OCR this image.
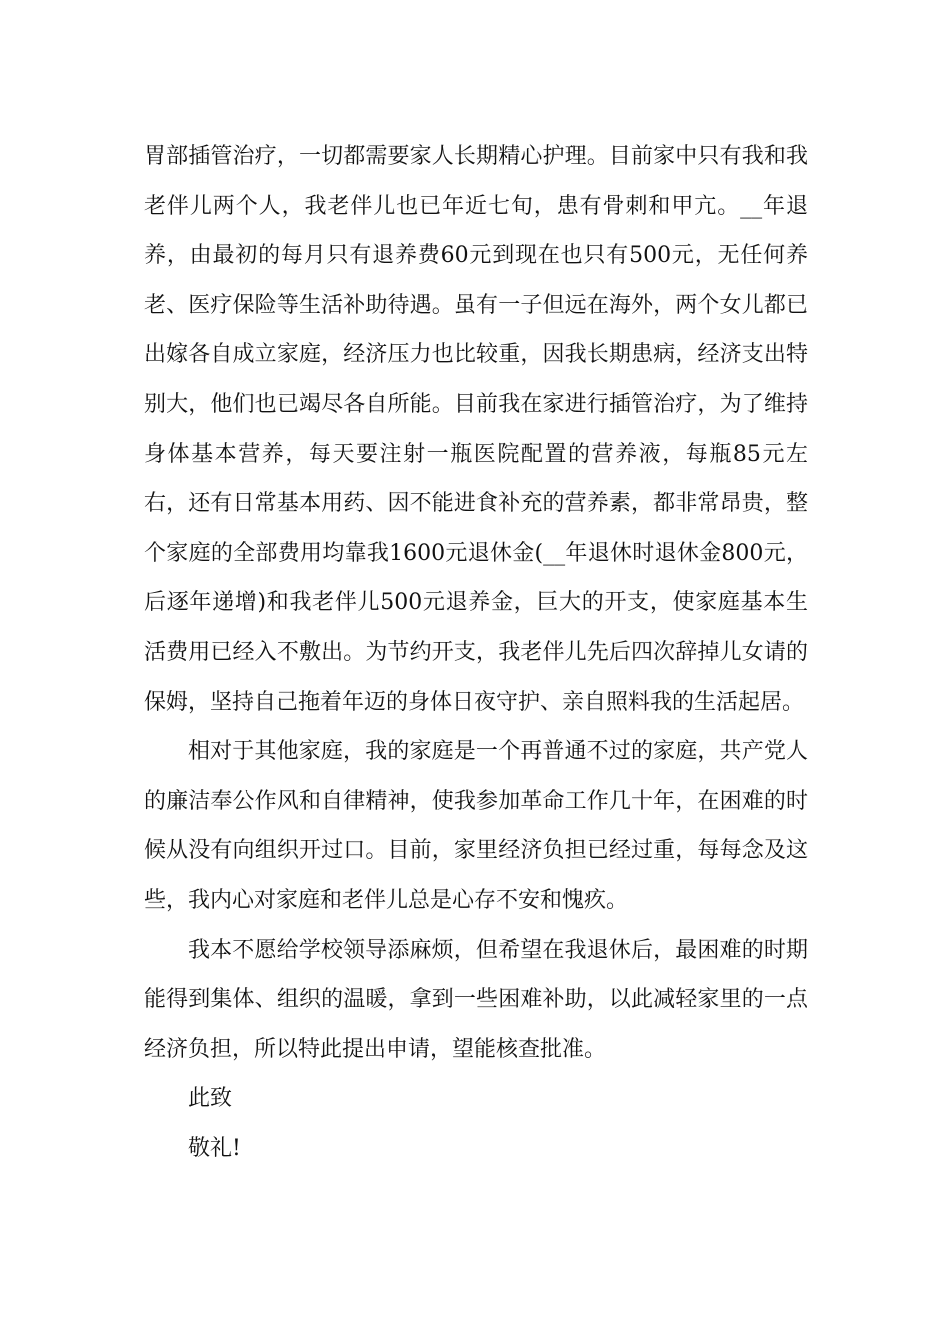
胃部插管治疗，一切都需要家人长期精心护理。目前家中只有我和我老伴儿两个人，我老伴儿也已年近七旬，患有骨刺和甲亢。__年退养，由最初的每月只有退养费60元到现在也只有500元，无任何养老、医疗保险等生活补助待遇。虽有一子但远在海外，两个女儿都已出嫁各自成立家庭，经济压力也比较重，因我长期患病，经济支出特别大，他们也已竭尽各自所能。目前我在家进行插管治疗，为了维持身体基本营养，每天要注射一瓶医院配置的营养液，每瓶85元左右，还有日常基本用药、因不能进食补充的营养素，都非常昂贵，整个家庭的全部费用均靠我1600元退休金(__年退休时退休金800元，后逐年递增)和我老伴儿500元退养金，巨大的开支，使家庭基本生活费用已经入不敷出。为节约开支，我老伴儿先后四次辞掉儿女请的保姆，坚持自己拖着年迈的身体日夜守护、亲自照料我的生活起居。

相对于其他家庭，我的家庭是一个再普通不过的家庭，共产党人的廉洁奉公作风和自律精神，使我参加革命工作几十年，在困难的时候从没有向组织开过口。目前，家里经济负担已经过重，每每念及这些，我内心对家庭和老伴儿总是心存不安和愧疚。

我本不愿给学校领导添麻烦，但希望在我退休后，最困难的时期能得到集体、组织的温暖，拿到一些困难补助，以此减轻家里的一点经济负担，所以特此提出申请，望能核查批准。

此致

敬礼!
